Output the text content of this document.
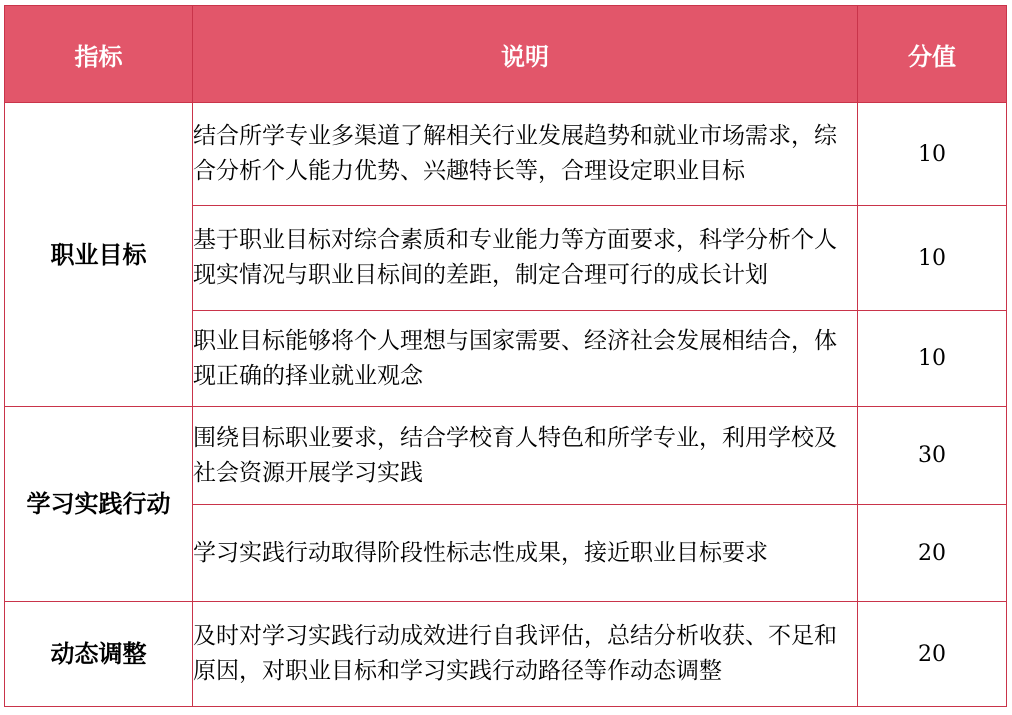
指标	说明	分值
职业目标	结合所学专业多渠道了解相关行业发展趋势和就业市场需求，综合分析个人能力优势、兴趣特长等，合理设定职业目标	10
	基于职业目标对综合素质和专业能力等方面要求，科学分析个人现实情况与职业目标间的差距，制定合理可行的成长计划	10
	职业目标能够将个人理想与国家需要、经济社会发展相结合，体现正确的择业就业观念	10
学习实践行动	围绕目标职业要求，结合学校育人特色和所学专业，利用学校及社会资源开展学习实践	30
	学习实践行动取得阶段性标志性成果，接近职业目标要求	20
动态调整	及时对学习实践行动成效进行自我评估，总结分析收获、不足和原因，对职业目标和学习实践行动路径等作动态调整	20
